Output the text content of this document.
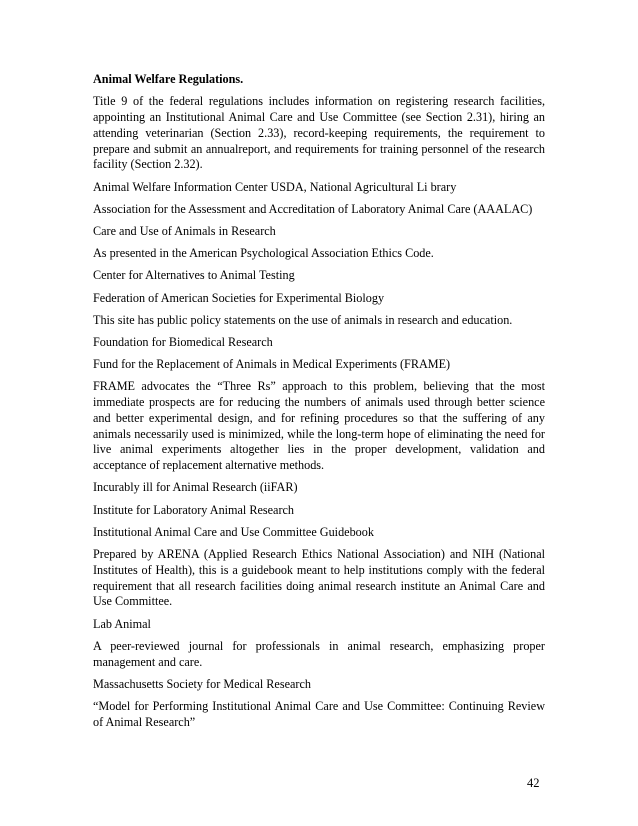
Animal Welfare Regulations.

Title 9 of the federal regulations includes information on registering research facilities, appointing an Institutional Animal Care and Use Committee (see Section 2.31), hiring an attending veterinarian (Section 2.33), record-keeping requirements, the requirement to prepare and submit an annualreport, and requirements for training personnel of the research facility (Section 2.32).

Animal Welfare Information Center USDA, National Agricultural Li brary

Association for the Assessment and Accreditation of Laboratory Animal Care (AAALAC)

Care and Use of Animals in Research

As presented in the American Psychological Association Ethics Code.

Center for Alternatives to Animal Testing

Federation of American Societies for Experimental Biology

This site has public policy statements on the use of animals in research and education.

Foundation for Biomedical Research

Fund for the Replacement of Animals in Medical Experiments (FRAME)

FRAME advocates the “Three Rs” approach to this problem, believing that the most immediate prospects are for reducing the numbers of animals used through better science and better experimental design, and for refining procedures so that the suffering of any animals necessarily used is minimized, while the long-term hope of eliminating the need for live animal experiments altogether lies in the proper development, validation and acceptance of replacement alternative methods.

Incurably ill for Animal Research (iiFAR)

Institute for Laboratory Animal Research

Institutional Animal Care and Use Committee Guidebook

Prepared by ARENA (Applied Research Ethics National Association) and NIH (National Institutes of Health), this is a guidebook meant to help institutions comply with the federal requirement that all research facilities doing animal research institute an Animal Care and Use Committee.

Lab Animal

A peer-reviewed journal for professionals in animal research, emphasizing proper management and care.

Massachusetts Society for Medical Research

“Model for Performing Institutional Animal Care and Use Committee: Continuing Review of Animal Research”

42
